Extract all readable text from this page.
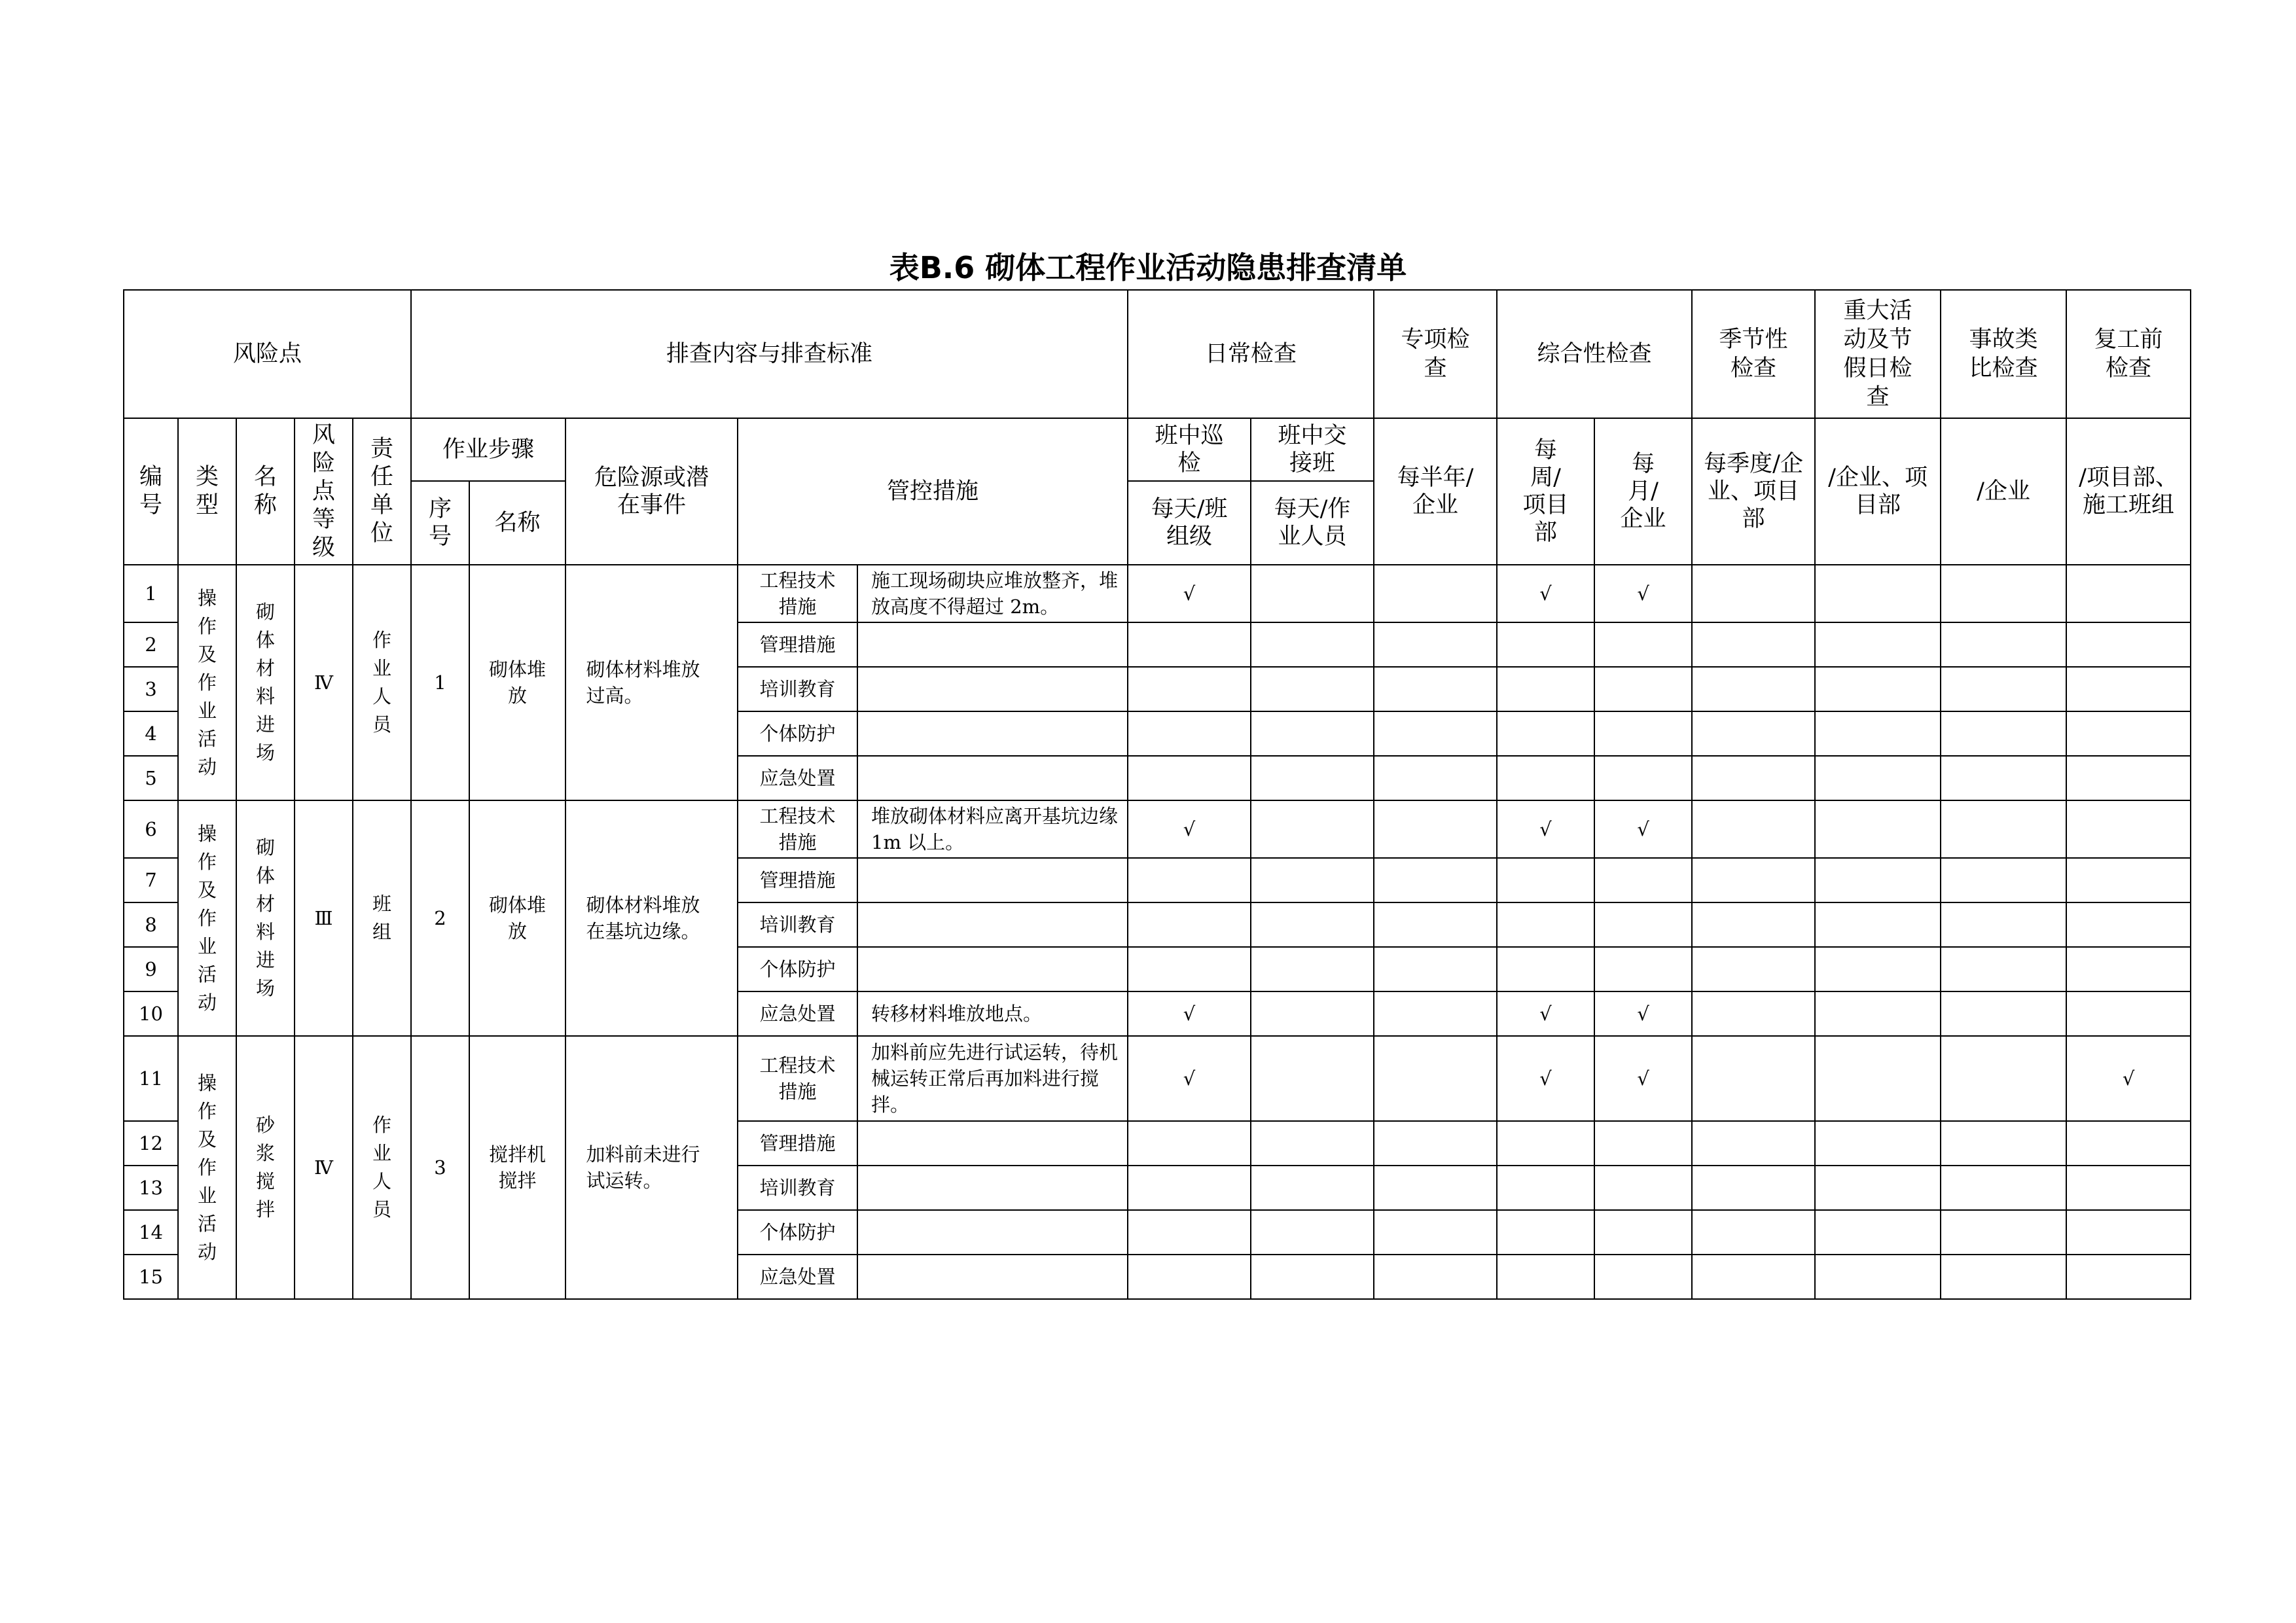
表B.6 砌体工程作业活动隐患排查清单
风险点					排查内容与排查标准					日常检查		专项检查	综合性检查		季节性检查	重大活动及节假日检查	事故类比检查	复工前检查

编号	类型	名称	风险点等级	责任单位	作业步骤		危险源或潜在事件	管控措施		班中巡检	班中交接班	每半年/企业	每周/项目部	每月/企业	每季度/企业、项目部	/企业、项目部	/企业	/项目部、施工班组

					序号	名称				每天/班组级	每天/作业人员							

1	操作及作业活动	砌体材料进场	Ⅳ	作业人员	1	砌体堆放	砌体材料堆放过高。	工程技术措施	施工现场砌块应堆放整齐，堆放高度不得超过 2m。	√			√	√				
2								管理措施										

3								培训教育										

4								个体防护										

5								应急处置										

6	操作及作业活动	砌体材料进场	Ⅲ	班组	2	砌体堆放	砌体材料堆放在基坑边缘。	工程技术措施	堆放砌体材料应离开基坑边缘 1m 以上。	√			√	√				
7								管理措施										

8								培训教育										

9								个体防护										

10								应急处置	转移材料堆放地点。	√			√	√				
11	操作及作业活动	砂浆搅拌	Ⅳ	作业人员	3	搅拌机搅拌	加料前未进行试运转。	工程技术措施	加料前应先进行试运转，待机械运转正常后再加料进行搅拌。	√			√	√				√
12								管理措施										

13								培训教育										

14								个体防护										

15								应急处置										
